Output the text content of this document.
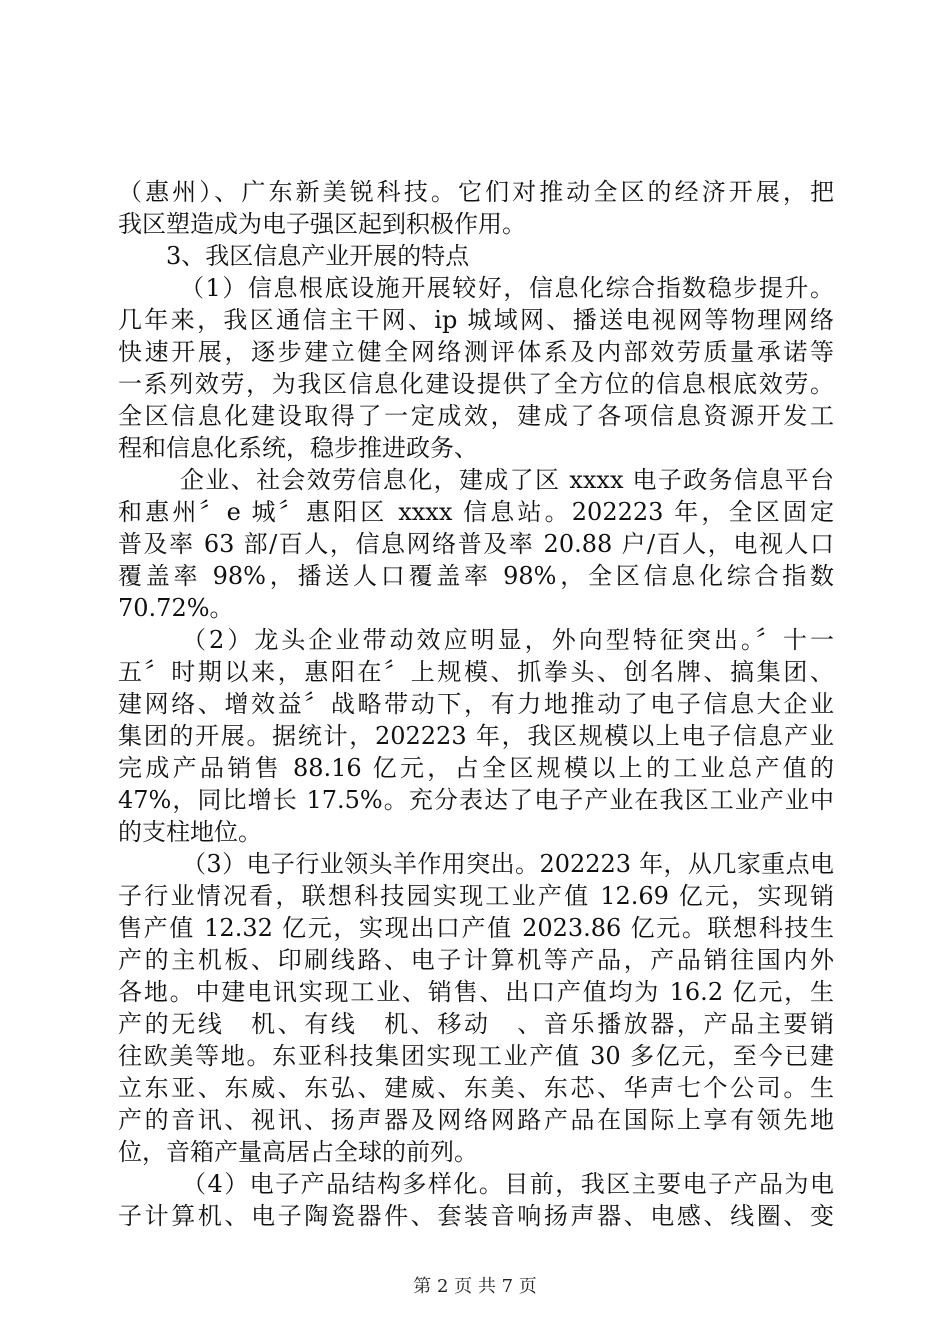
（惠州）、广东新美锐科技。它们对推动全区的经济开展，把
我区塑造成为电子强区起到积极作用。
3、我区信息产业开展的特点
（1）信息根底设施开展较好，信息化综合指数稳步提升。
几年来，我区通信主干网、ip 城域网、播送电视网等物理网络
快速开展，逐步建立健全网络测评体系及内部效劳质量承诺等
一系列效劳，为我区信息化建设提供了全方位的信息根底效劳。
全区信息化建设取得了一定成效，建成了各项信息资源开发工
程和信息化系统，稳步推进政务、
企业、社会效劳信息化，建成了区 xxxx 电子政务信息平台
和惠州〞e 城〞惠阳区 xxxx 信息站。202223 年，全区固定
普及率 63 部/百人，信息网络普及率 20.88 户/百人，电视人口
覆盖率 98%，播送人口覆盖率 98%，全区信息化综合指数
70.72%。
（2）龙头企业带动效应明显，外向型特征突出。〞十一
五〞时期以来，惠阳在〞上规模、抓拳头、创名牌、搞集团、
建网络、增效益〞战略带动下，有力地推动了电子信息大企业
集团的开展。据统计，202223 年，我区规模以上电子信息产业
完成产品销售 88.16 亿元，占全区规模以上的工业总产值的
47%，同比增长 17.5%。充分表达了电子产业在我区工业产业中
的支柱地位。
（3）电子行业领头羊作用突出。202223 年，从几家重点电
子行业情况看，联想科技园实现工业产值 12.69 亿元，实现销
售产值 12.32 亿元，实现出口产值 2023.86 亿元。联想科技生
产的主机板、印刷线路、电子计算机等产品，产品销往国内外
各地。中建电讯实现工业、销售、出口产值均为 16.2 亿元，生
产的无线　机、有线　机、移动　、音乐播放器，产品主要销
往欧美等地。东亚科技集团实现工业产值 30 多亿元，至今已建
立东亚、东威、东弘、建威、东美、东芯、华声七个公司。生
产的音讯、视讯、扬声器及网络网路产品在国际上享有领先地
位，音箱产量高居占全球的前列。
（4）电子产品结构多样化。目前，我区主要电子产品为电
子计算机、电子陶瓷器件、套装音响扬声器、电感、线圈、变
第 2 页 共 7 页
